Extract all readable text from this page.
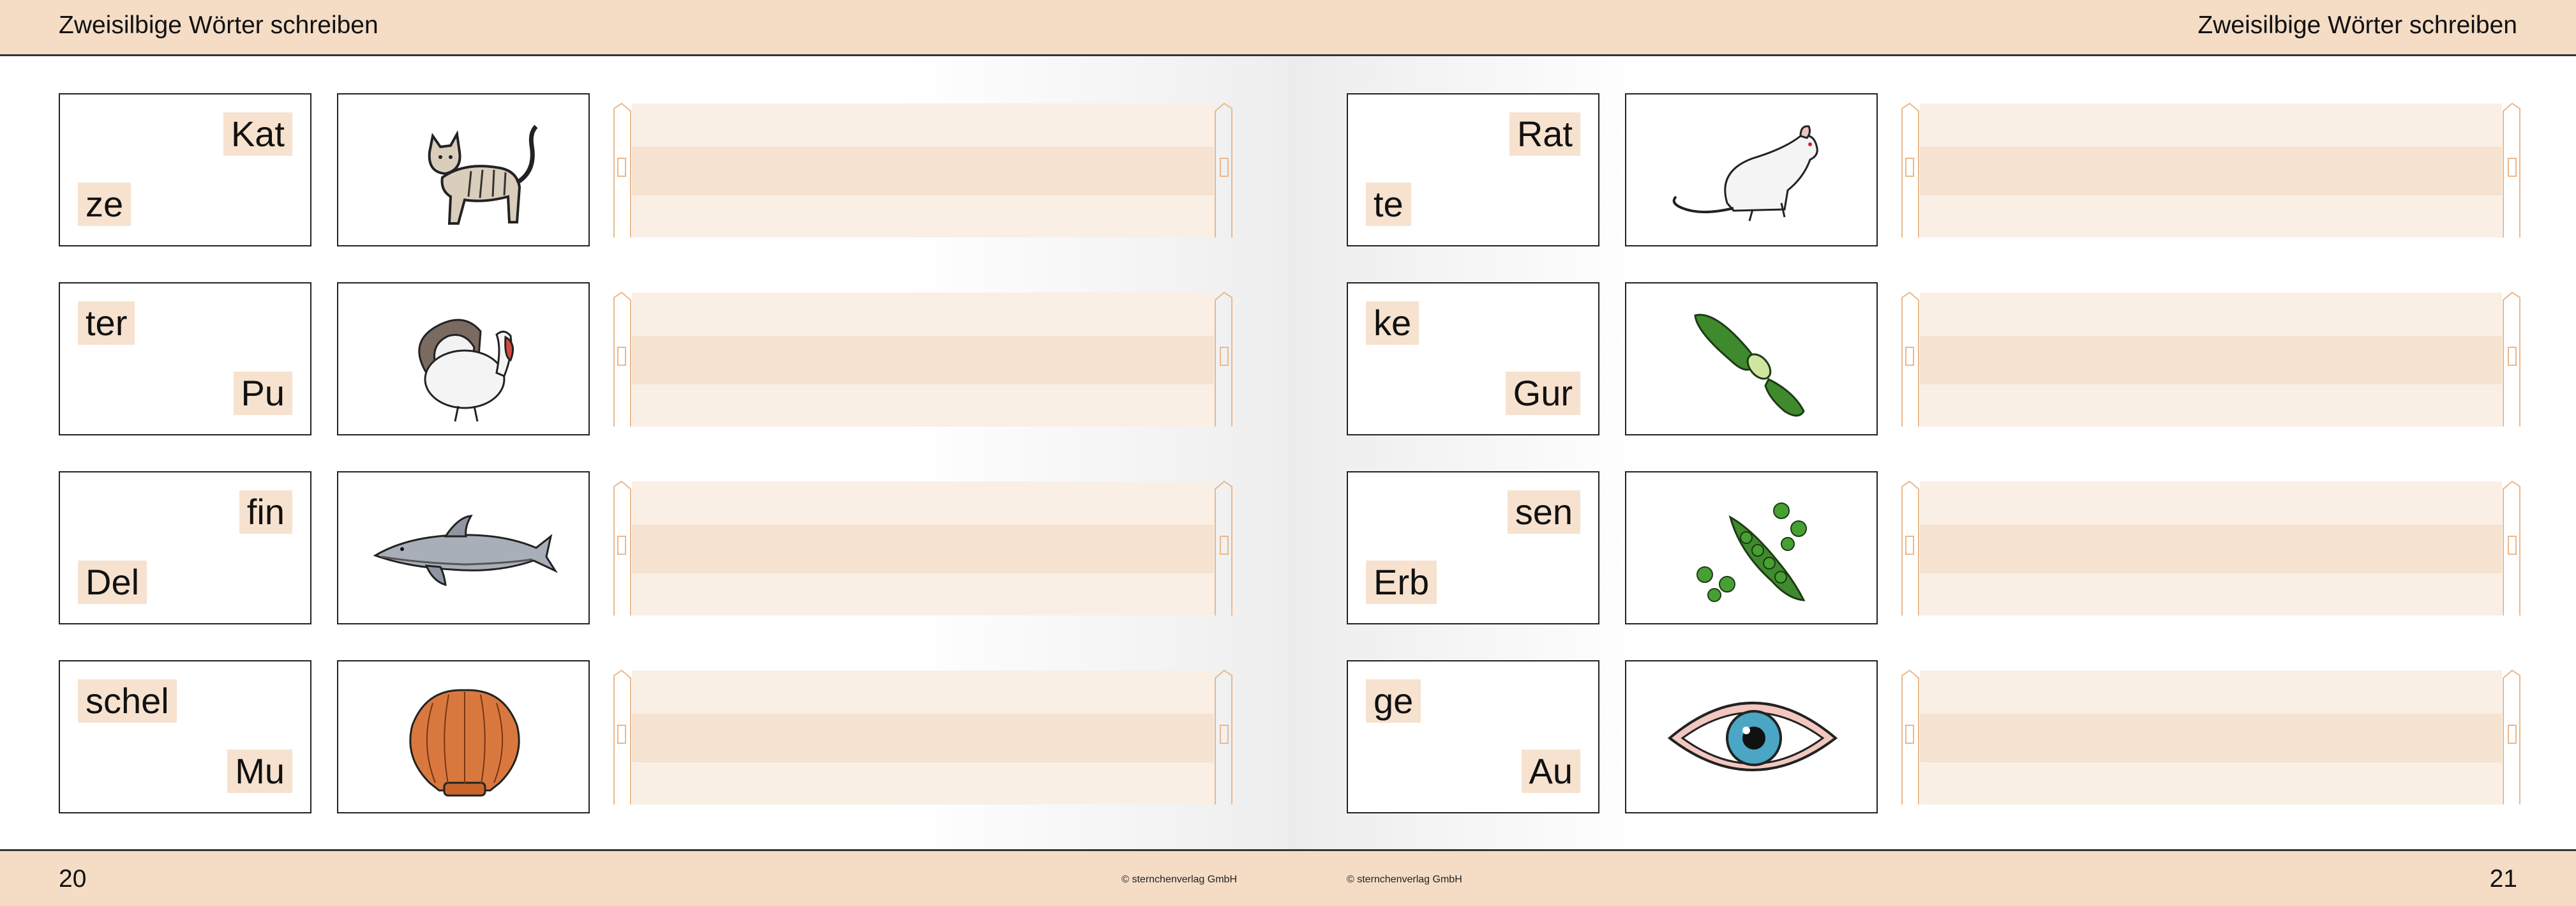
Zweisilbige Wörter schreiben
Kat
ze
ter
Pu
fin
Del
schel
Mu
20	© sternchenverlag GmbH
Zweisilbige Wörter schreiben
Rat
te
ke
Gur
sen
Erb
ge
Au
© sternchenverlag GmbH	21
